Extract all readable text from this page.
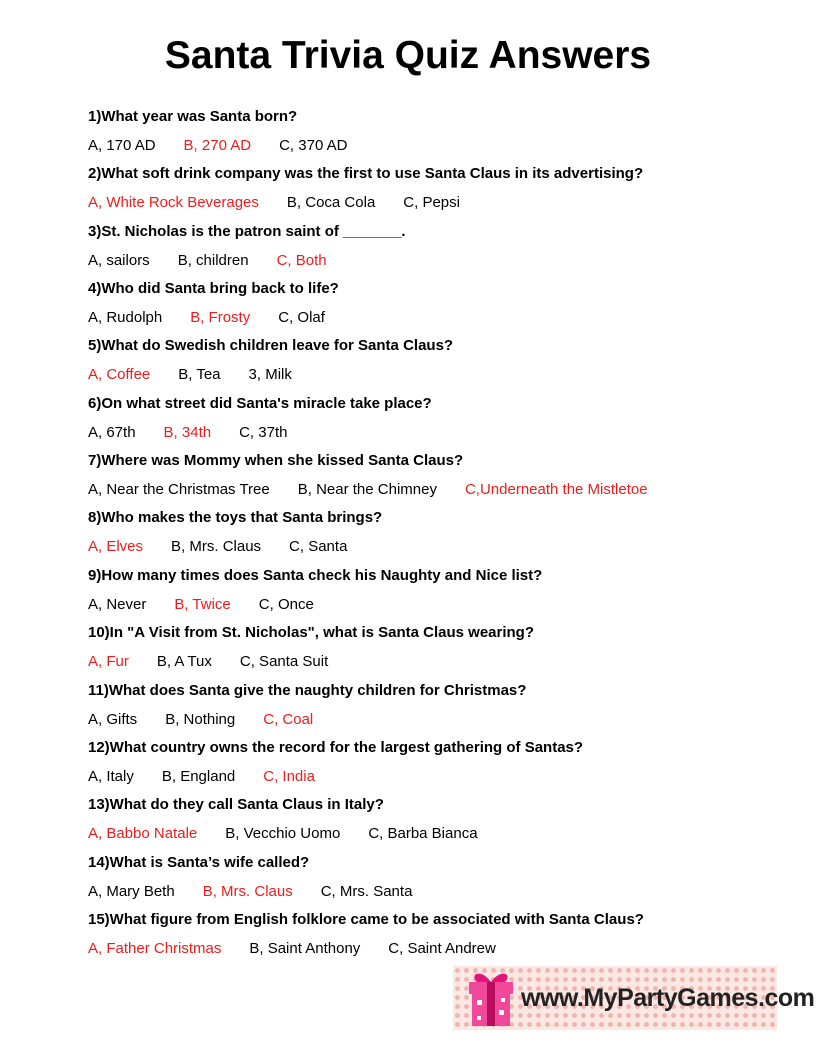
Santa Trivia Quiz Answers
1)What year was Santa born?
A, 170 AD B, 270 AD C, 370 AD
2)What soft drink company was the first to use Santa Claus in its advertising?
A, White Rock Beverages B, Coca Cola C, Pepsi
3)St. Nicholas is the patron saint of _______.
A, sailors B, children C, Both
4)Who did Santa bring back to life?
A, Rudolph B, Frosty C, Olaf
5)What do Swedish children leave for Santa Claus?
A, Coffee B, Tea 3, Milk
6)On what street did Santa's miracle take place?
A, 67th B, 34th C, 37th
7)Where was Mommy when she kissed Santa Claus?
A, Near the Christmas Tree B, Near the Chimney C,Underneath the Mistletoe
8)Who makes the toys that Santa brings?
A, Elves B, Mrs. Claus C, Santa
9)How many times does Santa check his Naughty and Nice list?
A, Never B, Twice C, Once
10)In "A Visit from St. Nicholas", what is Santa Claus wearing?
A, Fur B, A Tux C, Santa Suit
11)What does Santa give the naughty children for Christmas?
A, Gifts B, Nothing C, Coal
12)What country owns the record for the largest gathering of Santas?
A, Italy B, England C, India
13)What do they call Santa Claus in Italy?
A, Babbo Natale B, Vecchio Uomo C, Barba Bianca
14)What is Santa’s wife called?
A, Mary Beth B, Mrs. Claus C, Mrs. Santa
15)What figure from English folklore came to be associated with Santa Claus?
A, Father Christmas B, Saint Anthony C, Saint Andrew
www.MyPartyGames.com
